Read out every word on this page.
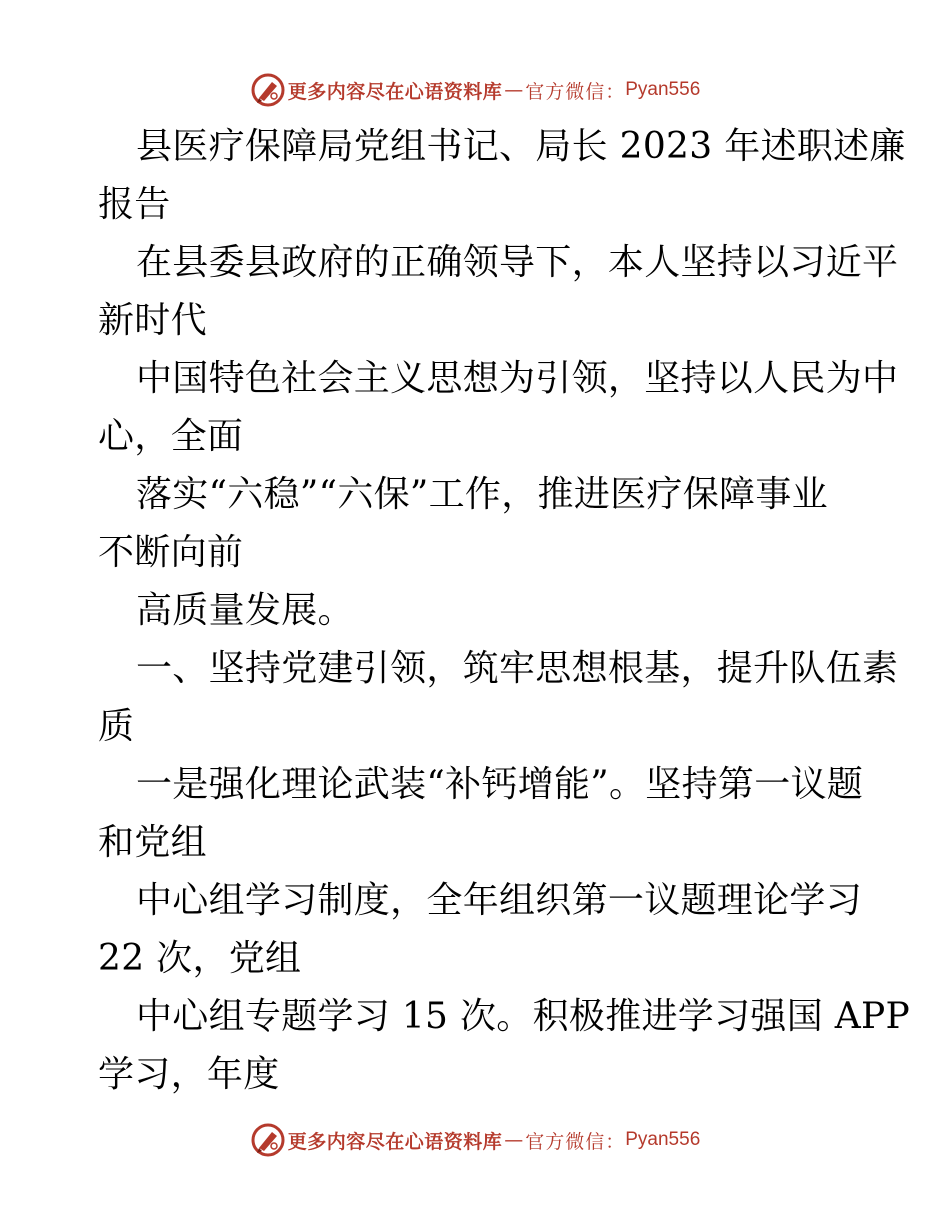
更多内容尽在心语资料库 — 官方微信： Pyan556
县医疗保障局党组书记、局长 2023 年述职述廉
报告
在县委县政府的正确领导下，本人坚持以习近平
新时代
中国特色社会主义思想为引领，坚持以人民为中
心，全面
落实“六稳”“六保”工作，推进医疗保障事业
不断向前
高质量发展。
一、坚持党建引领，筑牢思想根基，提升队伍素
质
一是强化理论武装“补钙增能”。坚持第一议题
和党组
中心组学习制度，全年组织第一议题理论学习
22 次，党组
中心组专题学习 15 次。积极推进学习强国 APP
学习，年度
更多内容尽在心语资料库 — 官方微信： Pyan556
